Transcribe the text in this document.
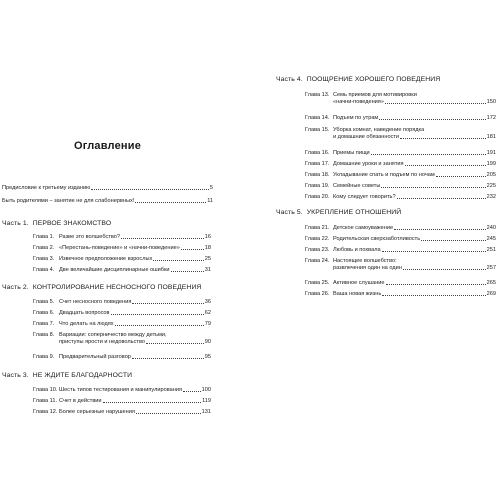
Оглавление
Предисловие к третьему изданию	5
Быть родителями – занятие не для слабонервных!	11
Часть 1. ПЕРВОЕ ЗНАКОМСТВО
Глава 1. Разве это волшебство?	16
Глава 2. «Перестань-поведение» и «начни-поведение»	18
Глава 3. Извечное предположение взрослых	25
Глава 4. Две величайшие дисциплинарные ошибки	31
Часть 2. КОНТРОЛИРОВАНИЕ НЕСНОСНОГО ПОВЕДЕНИЯ
Глава 5. Счет несносного поведения	36
Глава 6. Двадцать вопросов	62
Глава 7. Что делать на людях	79
Глава 8. Вариации: соперничество между детьми,
приступы ярости и недовольство	90
Глава 9. Предварительный разговор	95
Часть 3. НЕ ЖДИТЕ БЛАГОДАРНОСТИ
Глава 10. Шесть типов тестирования и манипулирования	100
Глава 11. Счет в действии	119
Глава 12. Более серьезные нарушения	131
Часть 4. ПООЩРЕНИЕ ХОРОШЕГО ПОВЕДЕНИЯ
Глава 13. Семь приемов для мотивировки
«начни-поведения»	150
Глава 14. Подъем по утрам	172
Глава 15. Уборка комнат, наведение порядка
и домашние обязанности	181
Глава 16. Приемы пищи	191
Глава 17. Домашние уроки и занятия	199
Глава 18. Укладывание спать и подъем по ночам	205
Глава 19. Семейные советы	225
Глава 20. Кому следует говорить?	232
Часть 5. УКРЕПЛЕНИЕ ОТНОШЕНИЙ
Глава 21. Детское самоуважение	240
Глава 22. Родительская сверхзаботливость	245
Глава 23. Любовь и похвала	251
Глава 24. Настоящее волшебство:
развлечения один на один	257
Глава 25. Активное слушание	265
Глава 26. Ваша новая жизнь	269
